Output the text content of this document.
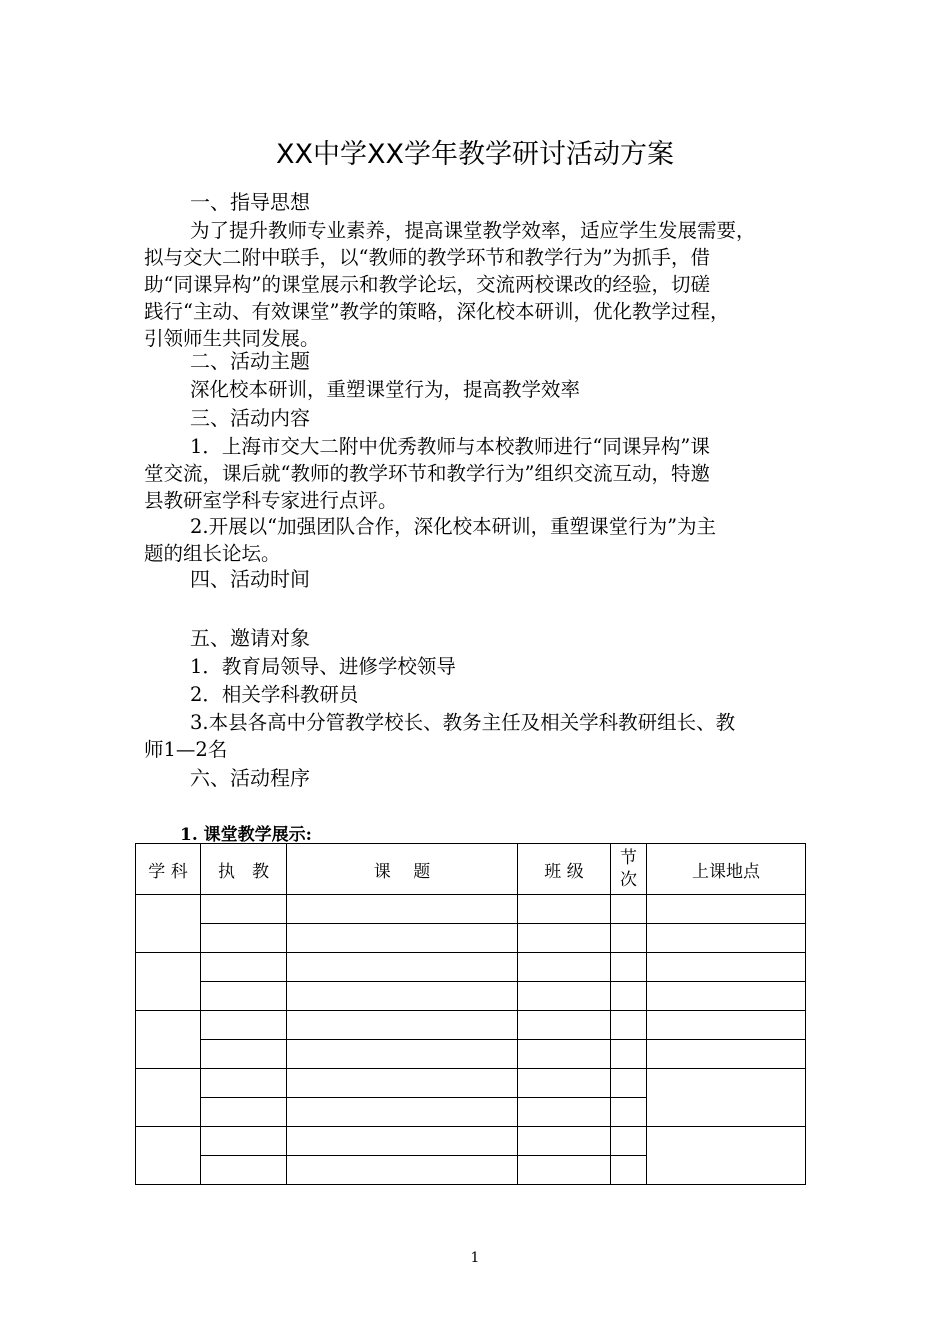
XX中学XX学年教学研讨活动方案
一、指导思想
为了提升教师专业素养，提高课堂教学效率，适应学生发展需要，
拟与交大二附中联手，以“教师的教学环节和教学行为”为抓手，借
助“同课异构”的课堂展示和教学论坛，交流两校课改的经验，切磋
践行“主动、有效课堂”教学的策略，深化校本研训，优化教学过程，
引领师生共同发展。
二、活动主题
深化校本研训，重塑课堂行为，提高教学效率
三、活动内容
1．上海市交大二附中优秀教师与本校教师进行“同课异构”课
堂交流，课后就“教师的教学环节和教学行为”组织交流互动，特邀
县教研室学科专家进行点评。
2.开展以“加强团队合作，深化校本研训，重塑课堂行为”为主
题的组长论坛。
四、活动时间
五、邀请对象
1．教育局领导、进修学校领导
2．相关学科教研员
3.本县各高中分管教学校长、教务主任及相关学科教研组长、教
师1—2名
六、活动程序
1. 课堂教学展示:
学 科	执　教	课　 题	班 级	节次	上课地点

1
